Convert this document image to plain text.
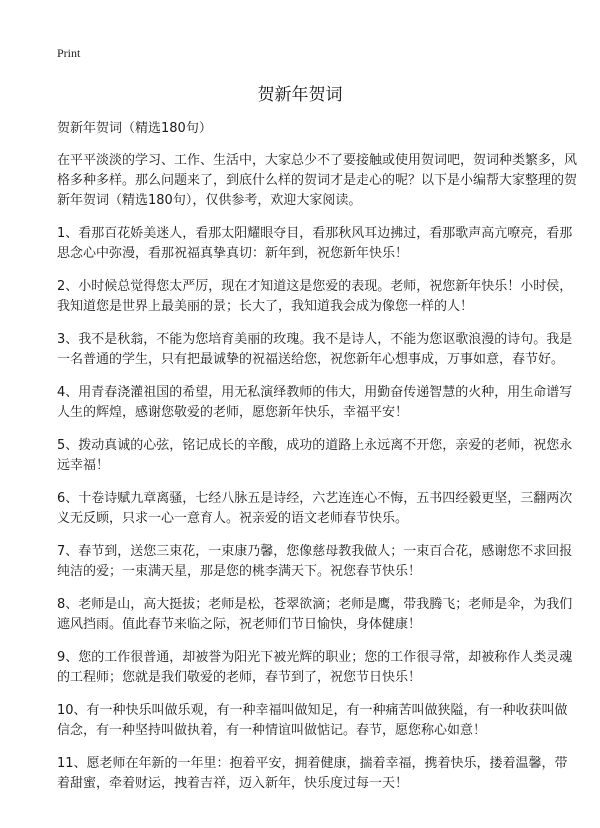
Print
贺新年贺词

贺新年贺词（精选180句）

在平平淡淡的学习、工作、生活中，大家总少不了要接触或使用贺词吧，贺词种类繁多，风格多种多样。那么问题来了，到底什么样的贺词才是走心的呢？以下是小编帮大家整理的贺新年贺词（精选180句），仅供参考，欢迎大家阅读。

1、看那百花娇美迷人，看那太阳耀眼夺目，看那秋风耳边拂过，看那歌声高亢嘹亮，看那思念心中弥漫，看那祝福真挚真切：新年到，祝您新年快乐！

2、小时候总觉得您太严厉，现在才知道这是您爱的表现。老师，祝您新年快乐！小时侯，我知道您是世界上最美丽的景；长大了，我知道我会成为像您一样的人！

3、我不是秋翁，不能为您培育美丽的玫瑰。我不是诗人，不能为您讴歌浪漫的诗句。我是一名普通的学生，只有把最诚挚的祝福送给您，祝您新年心想事成，万事如意，春节好。

4、用青春浇灌祖国的希望，用无私演绎教师的伟大，用勤奋传递智慧的火种，用生命谱写人生的辉煌，感谢您敬爱的老师，愿您新年快乐，幸福平安！

5、拨动真诚的心弦，铭记成长的辛酸，成功的道路上永远离不开您，亲爱的老师，祝您永远幸福！

6、十卷诗赋九章离骚，七经八脉五是诗经，六艺连连心不悔，五书四经毅更坚，三翻两次义无反顾，只求一心一意育人。祝亲爱的语文老师春节快乐。

7、春节到，送您三束花，一束康乃馨，您像慈母教我做人；一束百合花，感谢您不求回报纯洁的爱；一束满天星，那是您的桃李满天下。祝您春节快乐！

8、老师是山，高大挺拔；老师是松，苍翠欲滴；老师是鹰，带我腾飞；老师是伞，为我们遮风挡雨。值此春节来临之际，祝老师们节日愉快，身体健康！

9、您的工作很普通，却被誉为阳光下被光辉的职业；您的工作很寻常，却被称作人类灵魂的工程师；您就是我们敬爱的老师，春节到了，祝您节日快乐！

10、有一种快乐叫做乐观，有一种幸福叫做知足，有一种痛苦叫做狭隘，有一种收获叫做信念，有一种坚持叫做执着，有一种情谊叫做惦记。春节，愿您称心如意！

11、愿老师在年新的一年里：抱着平安，拥着健康，揣着幸福，携着快乐，搂着温馨，带着甜蜜，牵着财运，拽着吉祥，迈入新年，快乐度过每一天！
